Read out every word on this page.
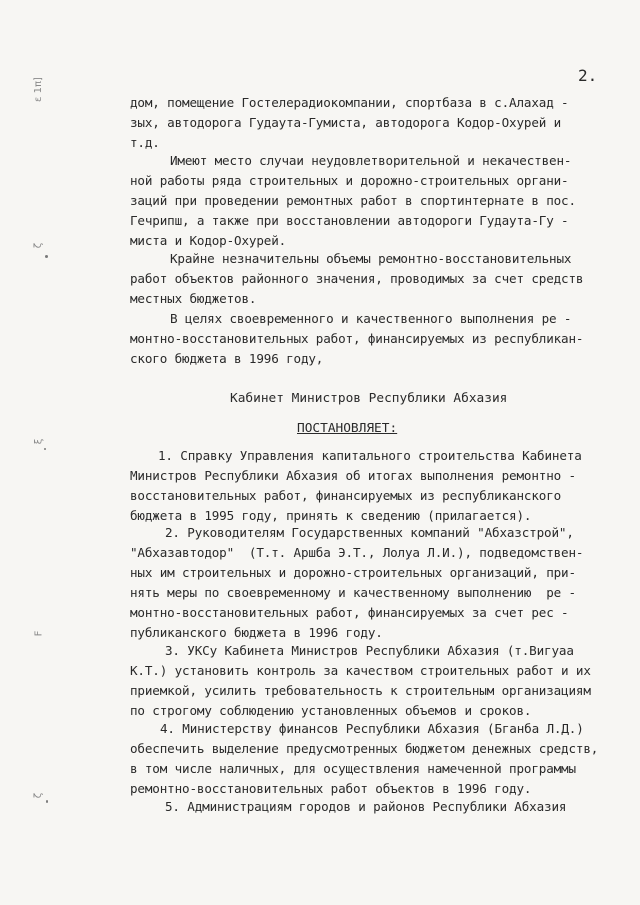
ε 1π]
ζ
ξ
Ϝ
ζ
2.
дом, помещение Гостелерадиокомпании, спортбаза в с.Алахад -
зых, автодорога Гудаута-Гумиста, автодорога Кодор-Охурей и
т.д.
Имеют место случаи неудовлетворительной и некачествен-
ной работы ряда строительных и дорожно-строительных органи-
заций при проведении ремонтных работ в спортинтернате в пос.
Гечрипш, а также при восстановлении автодороги Гудаута-Гу -
миста и Кодор-Охурей.
Крайне незначительны объемы ремонтно-восстановительных
работ объектов районного значения, проводимых за счет средств
местных бюджетов.
В целях своевременного и качественного выполнения ре -
монтно-восстановительных работ, финансируемых из республикан-
ского бюджета в 1996 году,
Кабинет Министров Республики Абхазия
ПОСТАНОВЛЯЕТ:
1. Справку Управления капитального строительства Кабинета
Министров Республики Абхазия об итогах выполнения ремонтно -
восстановительных работ, финансируемых из республиканского
бюджета в 1995 году, принять к сведению (прилагается).
2. Руководителям Государственных компаний "Абхазстрой",
"Абхазавтодор"  (Т.т. Аршба Э.Т., Лолуа Л.И.), подведомствен-
ных им строительных и дорожно-строительных организаций, при-
нять меры по своевременному и качественному выполнению  ре -
монтно-восстановительных работ, финансируемых за счет рес -
публиканского бюджета в 1996 году.
3. УКСу Кабинета Министров Республики Абхазия (т.Вигуаа
К.Т.) установить контроль за качеством строительных работ и их
приемкой, усилить требовательность к строительным организациям
по строгому соблюдению установленных объемов и сроков.
4. Министерству финансов Республики Абхазия (Бганба Л.Д.)
обеспечить выделение предусмотренных бюджетом денежных средств,
в том числе наличных, для осуществления намеченной программы
ремонтно-восстановительных работ объектов в 1996 году.
5. Администрациям городов и районов Республики Абхазия
